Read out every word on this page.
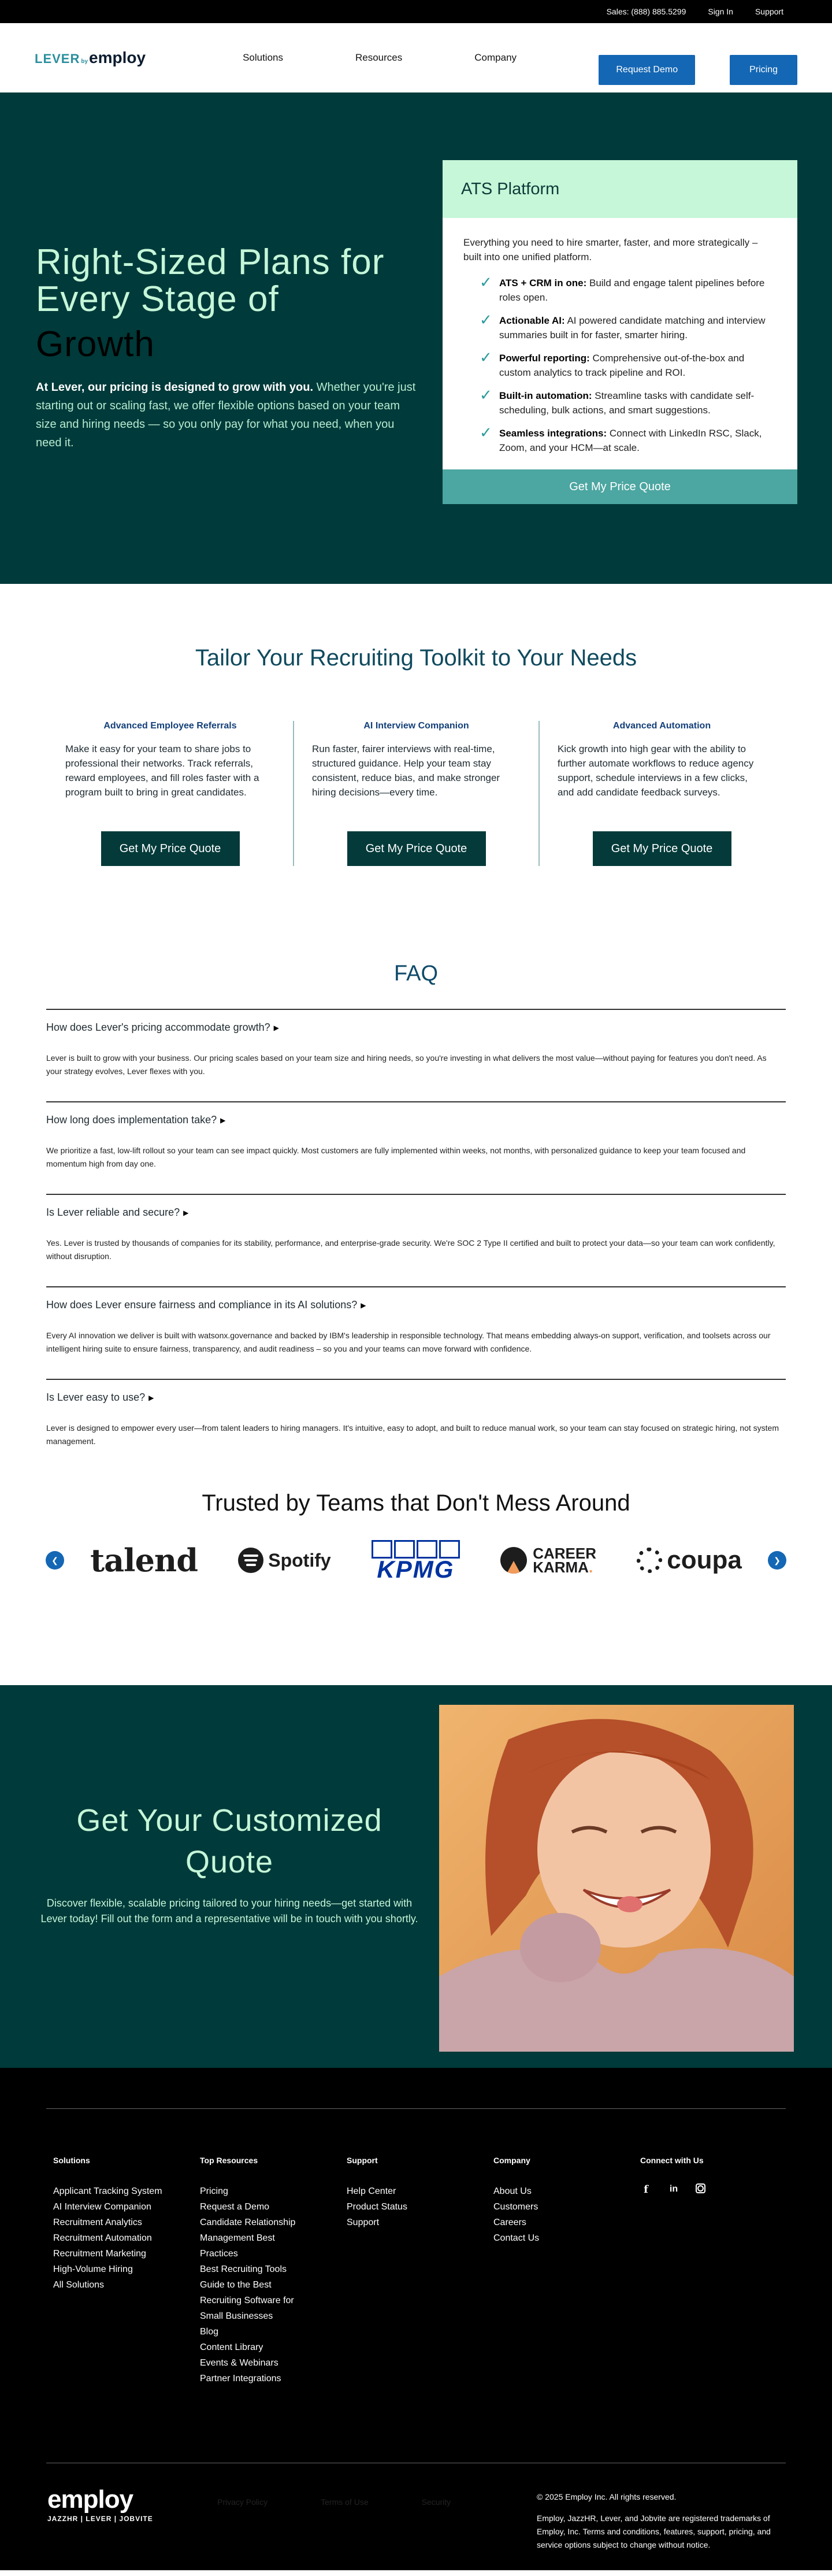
Sales: (888) 885.5299	Sign In	Support
LEVER by employ	Solutions	Resources	Company
Request Demo	Pricing
Right-Sized Plans for Every Stage of
Growth

At Lever, our pricing is designed to grow with you. Whether you're just starting out or scaling fast, we offer flexible options based on your team size and hiring needs — so you only pay for what you need, when you need it.

ATS Platform

Everything you need to hire smarter, faster, and more strategically – built into one unified platform.

✓ ATS + CRM in one: Build and engage talent pipelines before roles open.
✓ Actionable AI: AI powered candidate matching and interview summaries built in for faster, smarter hiring.
✓ Powerful reporting: Comprehensive out-of-the-box and custom analytics to track pipeline and ROI.
✓ Built-in automation: Streamline tasks with candidate self-scheduling, bulk actions, and smart suggestions.
✓ Seamless integrations: Connect with LinkedIn RSC, Slack, Zoom, and your HCM—at scale.
Get My Price Quote
Tailor Your Recruiting Toolkit to Your Needs
Advanced Employee Referrals

Make it easy for your team to share jobs to professional their networks. Track referrals, reward employees, and fill roles faster with a program built to bring in great candidates.

Get My Price Quote
AI Interview Companion

Run faster, fairer interviews with real-time, structured guidance. Help your team stay consistent, reduce bias, and make stronger hiring decisions—every time.

Get My Price Quote
Advanced Automation

Kick growth into high gear with the ability to further automate workflows to reduce agency support, schedule interviews in a few clicks, and add candidate feedback surveys.

Get My Price Quote
FAQ
How does Lever's pricing accommodate growth? ▶

Lever is built to grow with your business. Our pricing scales based on your team size and hiring needs, so you're investing in what delivers the most value—without paying for features you don't need. As your strategy evolves, Lever flexes with you.

How long does implementation take? ▶

We prioritize a fast, low-lift rollout so your team can see impact quickly. Most customers are fully implemented within weeks, not months, with personalized guidance to keep your team focused and momentum high from day one.

Is Lever reliable and secure? ▶

Yes. Lever is trusted by thousands of companies for its stability, performance, and enterprise-grade security. We're SOC 2 Type II certified and built to protect your data—so your team can work confidently, without disruption.

How does Lever ensure fairness and compliance in its AI solutions? ▶

Every AI innovation we deliver is built with watsonx.governance and backed by IBM's leadership in responsible technology. That means embedding always-on support, verification, and toolsets across our intelligent hiring suite to ensure fairness, transparency, and audit readiness – so you and your teams can move forward with confidence.

Is Lever easy to use? ▶

Lever is designed to empower every user—from talent leaders to hiring managers. It's intuitive, easy to adopt, and built to reduce manual work, so your team can stay focused on strategic hiring, not system management.

Trusted by Teams that Don't Mess Around
❮ talend	Spotify KPMG
CAREER
KARMA.	coupa	❯
Get Your Customized Quote

Discover flexible, scalable pricing tailored to your hiring needs—get started with Lever today! Fill out the form and a representative will be in touch with you shortly.

Solutions
Applicant Tracking System
AI Interview Companion
Recruitment Analytics
Recruitment Automation
Recruitment Marketing
High-Volume Hiring
All Solutions
Top Resources
Pricing
Request a Demo
Candidate Relationship Management Best Practices
Best Recruiting Tools Guide to the Best Recruiting Software for Small Businesses
Blog
Content Library
Events & Webinars
Partner Integrations
Support
Help Center
Product Status
Support
Company
About Us
Customers
Careers
Contact Us
Connect with Us
f	in
employ
JAZZHR | LEVER | JOBVITE
Privacy Policy	Terms of Use	Security

© 2025 Employ Inc. All rights reserved.

Employ, JazzHR, Lever, and Jobvite are registered trademarks of Employ, Inc. Terms and conditions, features, support, pricing, and service options subject to change without notice.
